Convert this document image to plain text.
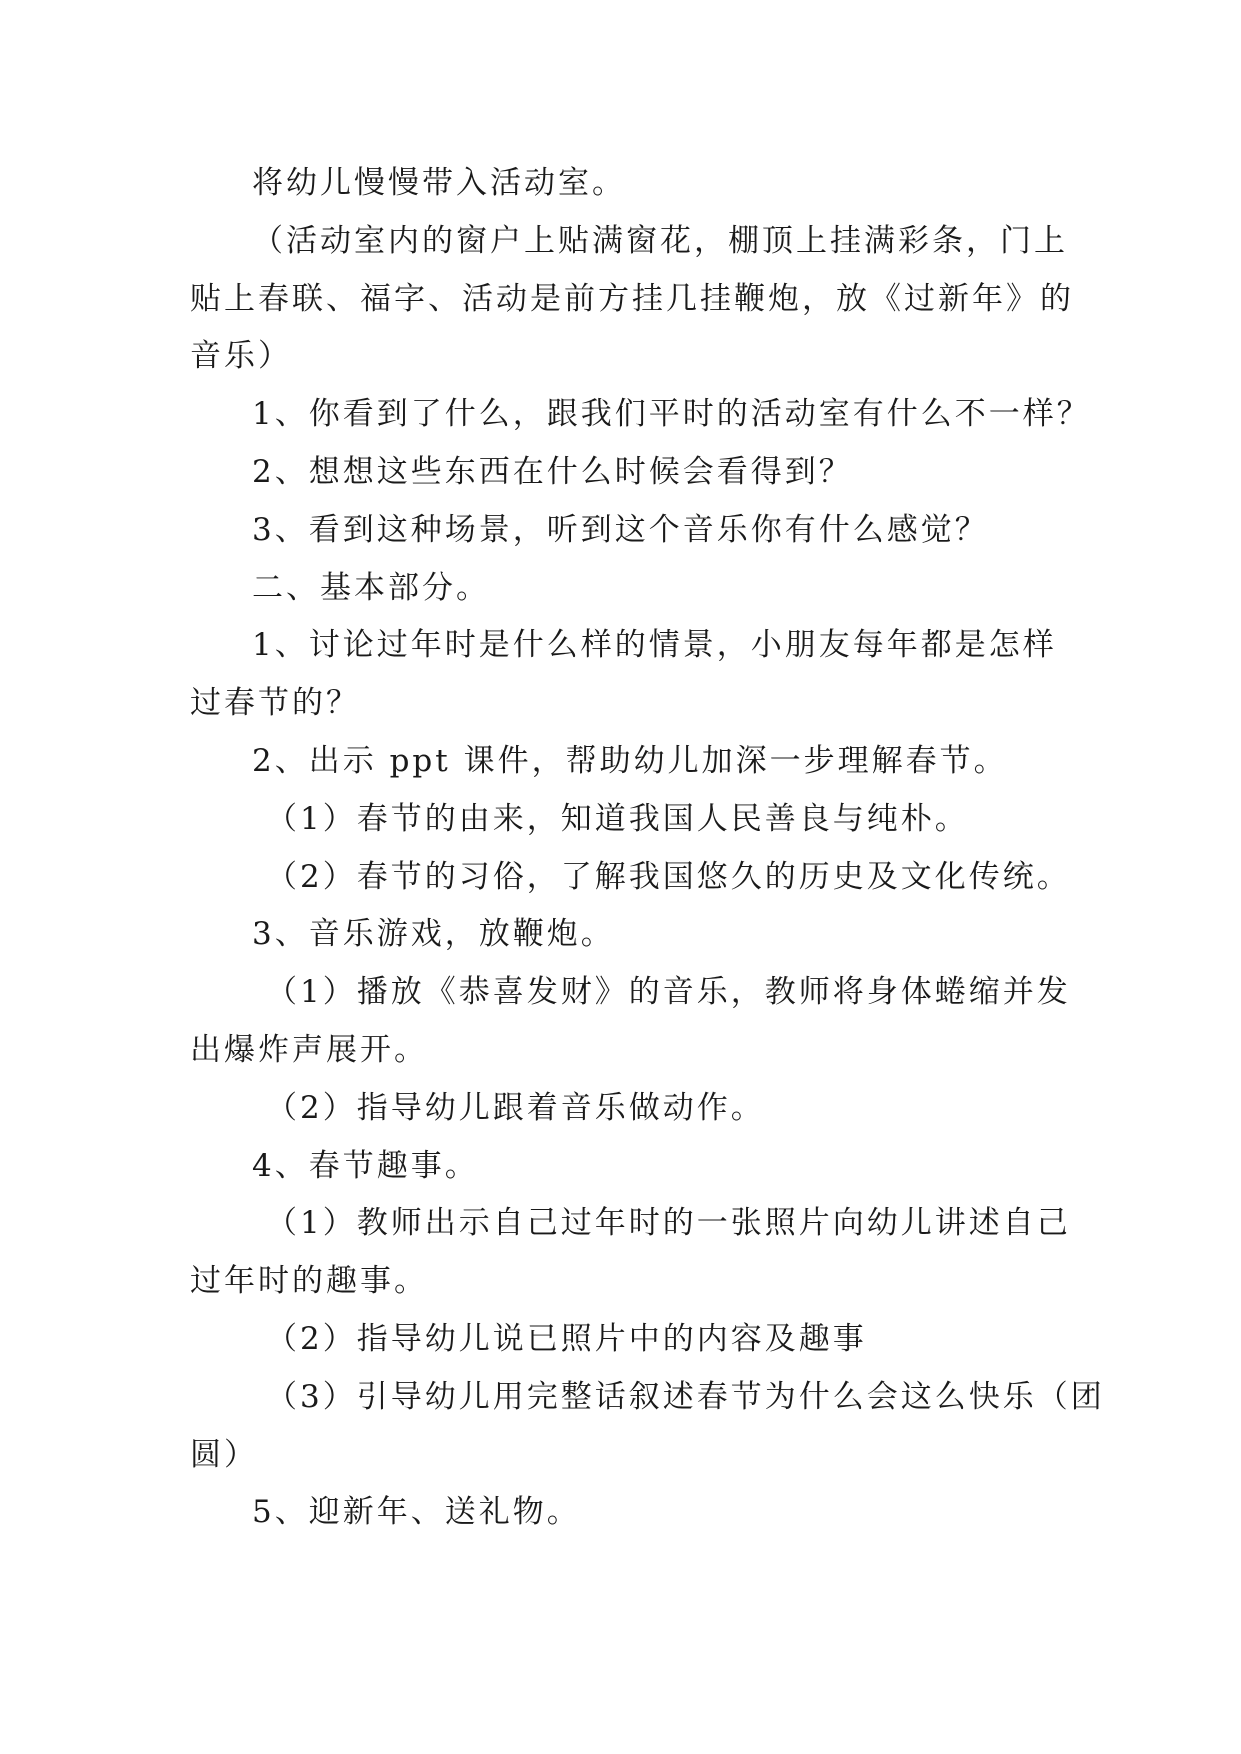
将幼儿慢慢带入活动室。
（活动室内的窗户上贴满窗花，棚顶上挂满彩条，门上
贴上春联、福字、活动是前方挂几挂鞭炮，放《过新年》的
音乐）
1、你看到了什么，跟我们平时的活动室有什么不一样？
2、想想这些东西在什么时候会看得到？
3、看到这种场景，听到这个音乐你有什么感觉？
二、基本部分。
1、讨论过年时是什么样的情景，小朋友每年都是怎样
过春节的？
2、出示 ppt 课件，帮助幼儿加深一步理解春节。
（1）春节的由来，知道我国人民善良与纯朴。
（2）春节的习俗，了解我国悠久的历史及文化传统。
3、音乐游戏，放鞭炮。
（1）播放《恭喜发财》的音乐，教师将身体蜷缩并发
出爆炸声展开。
（2）指导幼儿跟着音乐做动作。
4、春节趣事。
（1）教师出示自己过年时的一张照片向幼儿讲述自己
过年时的趣事。
（2）指导幼儿说已照片中的内容及趣事
（3）引导幼儿用完整话叙述春节为什么会这么快乐（团
圆）
5、迎新年、送礼物。
